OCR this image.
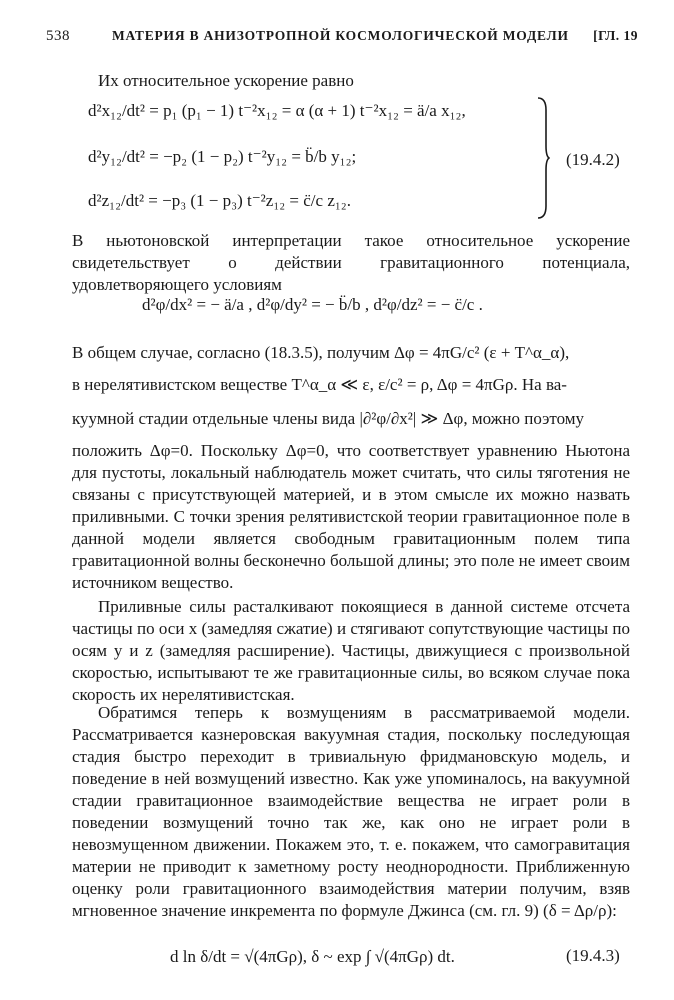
538	МАТЕРИЯ В АНИЗОТРОПНОЙ КОСМОЛОГИЧЕСКОЙ МОДЕЛИ [ГЛ. 19
Их относительное ускорение равно
d²x₁₂/dt² = p₁ (p₁ − 1) t⁻²x₁₂ = α (α + 1) t⁻²x₁₂ = ä/a x₁₂,
d²y₁₂/dt² = −p₂ (1 − p₂) t⁻²y₁₂ = b̈/b y₁₂;
d²z₁₂/dt² = −p₃ (1 − p₃) t⁻²z₁₂ = c̈/c z₁₂.
(19.4.2)
В ньютоновской интерпретации такое относительное ускорение свидетельствует о действии гравитационного потенциала, удовлетворяющего условиям
d²φ/dx² = − ä/a , d²φ/dy² = − b̈/b , d²φ/dz² = − c̈/c .
В общем случае, согласно (18.3.5), получим Δφ = 4πG/c² (ε + T^α_α),
в нерелятивистском веществе T^α_α ≪ ε, ε/c² = ρ, Δφ = 4πGρ. На ва-
куумной стадии отдельные члены вида |∂²φ/∂x²| ≫ Δφ, можно поэтому
положить Δφ=0. Поскольку Δφ=0, что соответствует уравнению Ньютона для пустоты, локальный наблюдатель может считать, что силы тяготения не связаны с присутствующей материей, и в этом смысле их можно назвать приливными. С точки зрения релятивистской теории гравитационное поле в данной модели является свободным гравитационным полем типа гравитационной волны бесконечно большой длины; это поле не имеет своим источником вещество.
Приливные силы расталкивают покоящиеся в данной системе отсчета частицы по оси x (замедляя сжатие) и стягивают сопутствующие частицы по осям y и z (замедляя расширение). Частицы, движущиеся с произвольной скоростью, испытывают те же гравитационные силы, во всяком случае пока скорость их нерелятивистская.
Обратимся теперь к возмущениям в рассматриваемой модели. Рассматривается казнеровская вакуумная стадия, поскольку последующая стадия быстро переходит в тривиальную фридмановскую модель, и поведение в ней возмущений известно. Как уже упоминалось, на вакуумной стадии гравитационное взаимодействие вещества не играет роли в поведении возмущений точно так же, как оно не играет роли в невозмущенном движении. Покажем это, т. е. покажем, что самогравитация материи не приводит к заметному росту неоднородности. Приближенную оценку роли гравитационного взаимодействия материи получим, взяв мгновенное значение инкремента по формуле Джинса (см. гл. 9) (δ = Δρ/ρ):
d ln δ/dt = √(4πGρ), δ ~ exp ∫ √(4πGρ) dt.	(19.4.3)
